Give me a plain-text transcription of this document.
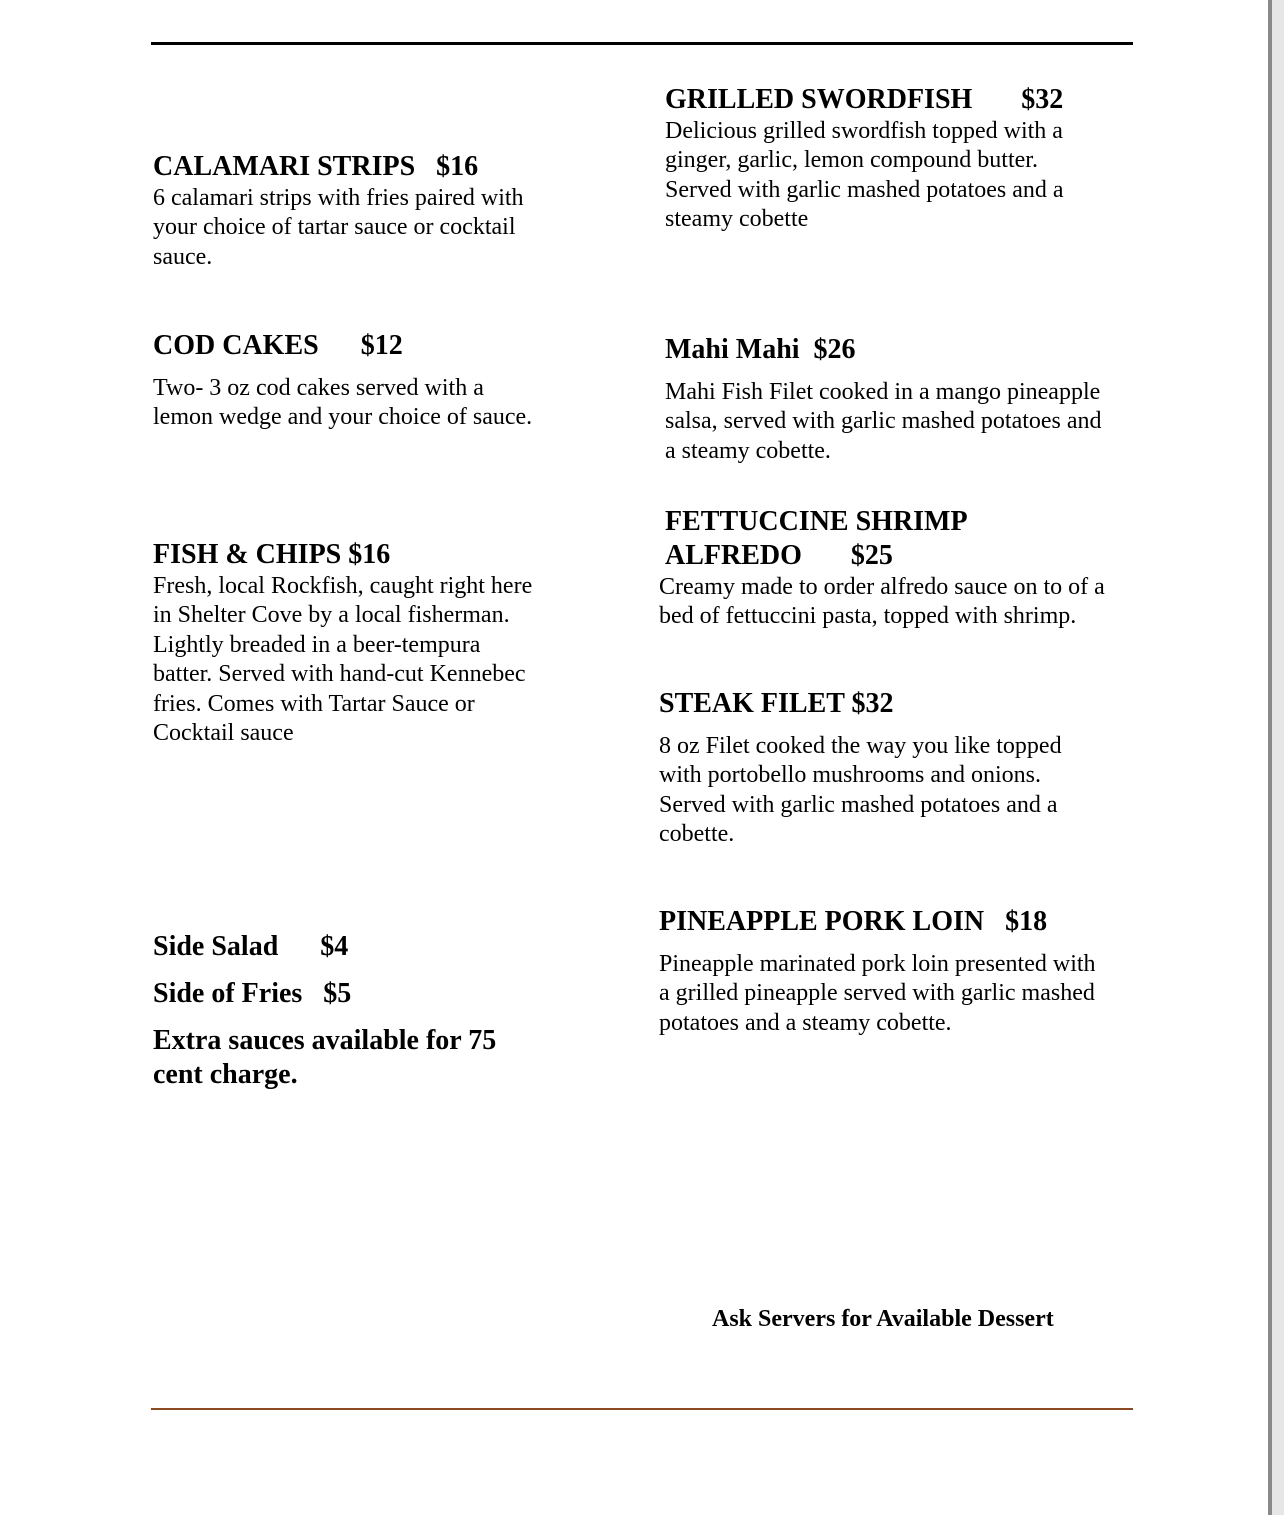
CALAMARI STRIPS   $16
6 calamari strips with fries paired with
your choice of tartar sauce or cocktail
sauce.
COD CAKES      $12
Two- 3 oz cod cakes served with a
lemon wedge and your choice of sauce.
FISH & CHIPS $16
Fresh, local Rockfish, caught right here
in Shelter Cove by a local fisherman.
Lightly breaded in a beer-tempura
batter. Served with hand-cut Kennebec
fries. Comes with Tartar Sauce or
Cocktail sauce
Side Salad      $4
Side of Fries   $5
Extra sauces available for 75
cent charge.
GRILLED SWORDFISH       $32
Delicious grilled swordfish topped with a
ginger, garlic, lemon compound butter.
Served with garlic mashed potatoes and a
steamy cobette
Mahi Mahi  $26
Mahi Fish Filet cooked in a mango pineapple
salsa, served with garlic mashed potatoes and
a steamy cobette.
FETTUCCINE SHRIMP
ALFREDO       $25
Creamy made to order alfredo sauce on to of a
bed of fettuccini pasta, topped with shrimp.
STEAK FILET $32
8 oz Filet cooked the way you like topped
with portobello mushrooms and onions.
Served with garlic mashed potatoes and a
cobette.
PINEAPPLE PORK LOIN   $18
Pineapple marinated pork loin presented with
a grilled pineapple served with garlic mashed
potatoes and a steamy cobette.
Ask Servers for Available Dessert
